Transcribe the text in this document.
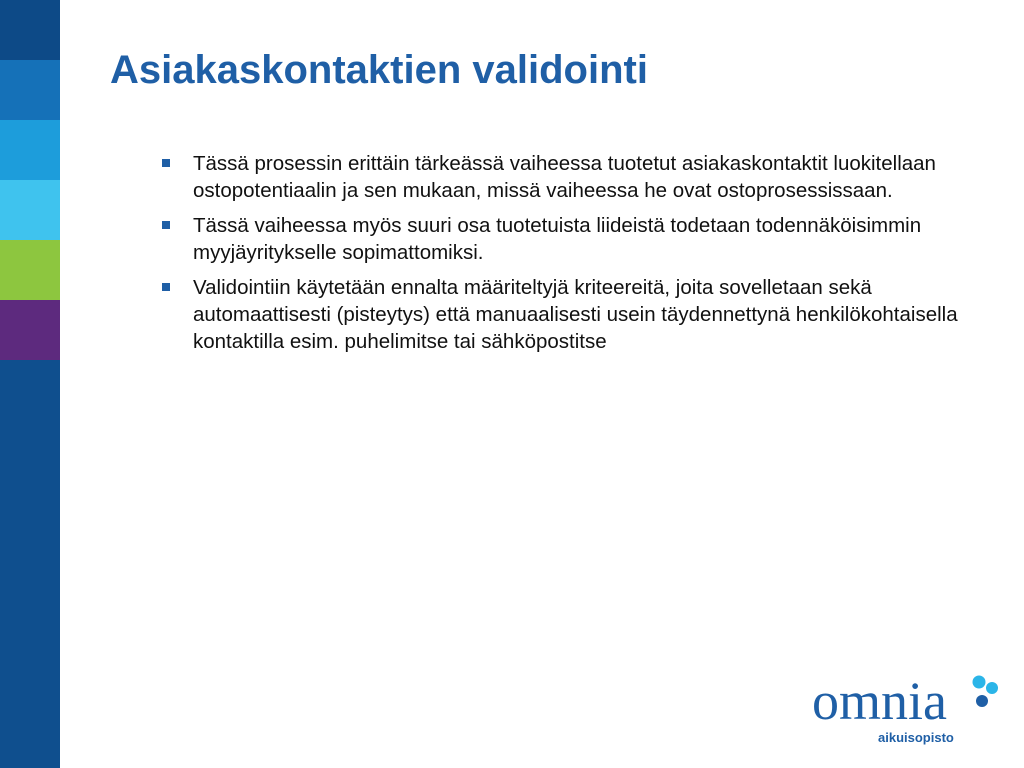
Asiakaskontaktien validointi
Tässä prosessin erittäin tärkeässä vaiheessa tuotetut asiakaskontaktit luokitellaan ostopotentiaalin ja sen mukaan, missä vaiheessa he ovat ostoprosessissaan.
Tässä vaiheessa myös suuri osa tuotetuista liideistä todetaan todennäköisimmin myyjäyritykselle sopimattomiksi.
Validointiin käytetään ennalta määriteltyjä kriteereitä, joita sovelletaan sekä automaattisesti (pisteytys) että manuaalisesti usein täydennettynä henkilökohtaisella kontaktilla esim. puhelimitse tai sähköpostitse
omnia
aikuisopisto
